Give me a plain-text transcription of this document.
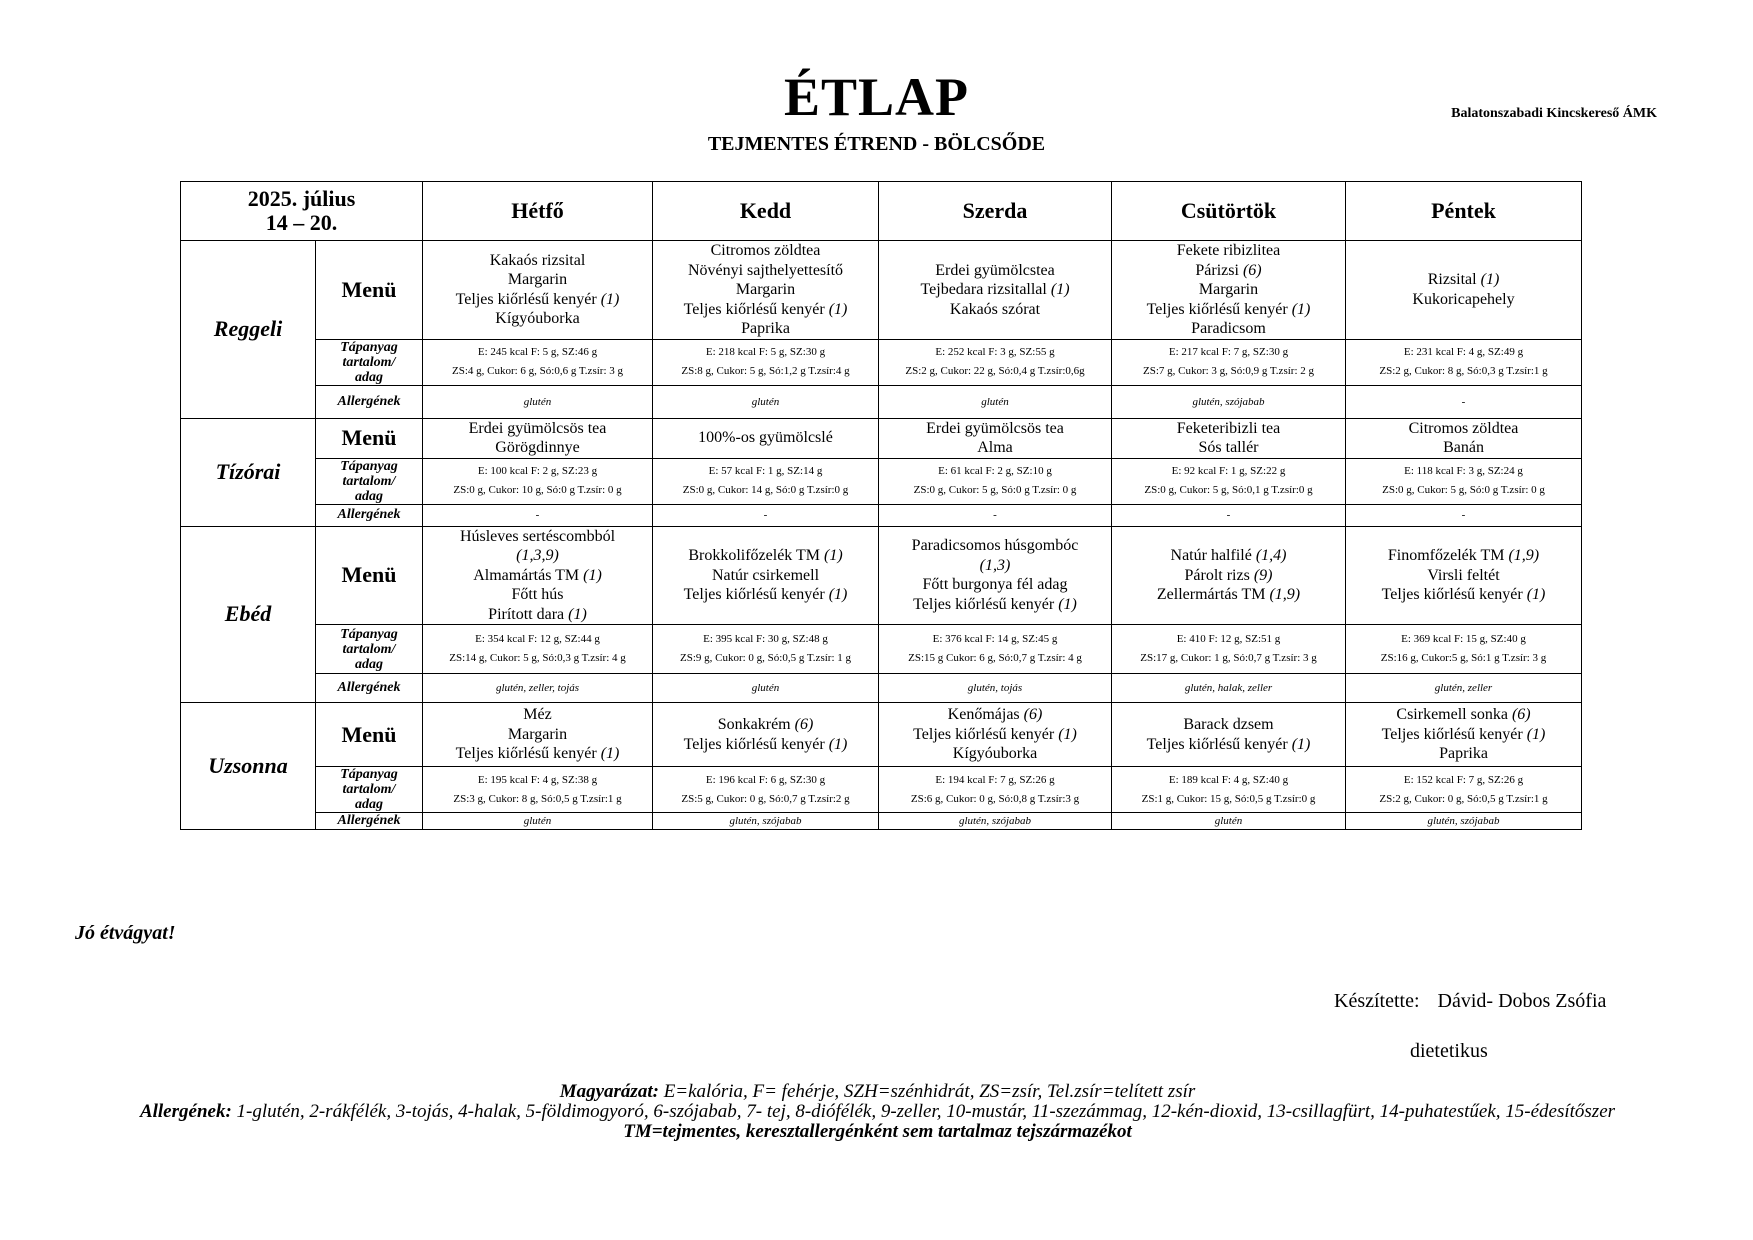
ÉTLAP
TEJMENTES ÉTREND - BÖLCSŐDE
Balatonszabadi Kincskereső ÁMK
2025. július
14 – 20.		Hétfő	Kedd	Szerda	Csütörtök	Péntek
Reggeli	Menü	Kakaós rizsital
Margarin
Teljes kiőrlésű kenyér (1)
Kígyóuborka	Citromos zöldtea
Növényi sajthelyettesítő
Margarin
Teljes kiőrlésű kenyér (1)
Paprika	Erdei gyümölcstea
Tejbedara rizsitallal (1)
Kakaós szórat	Fekete ribizlitea
Párizsi (6)
Margarin
Teljes kiőrlésű kenyér (1)
Paradicsom	Rizsital (1)
Kukoricapehely

	Tápanyag
tartalom/
adag	E: 245 kcal F: 5 g, SZ:46 g
ZS:4 g, Cukor: 6 g, Só:0,6 g T.zsír: 3 g	E: 218 kcal F: 5 g, SZ:30 g
ZS:8 g, Cukor: 5 g, Só:1,2 g T.zsír:4 g	E: 252 kcal F: 3 g, SZ:55 g
ZS:2 g, Cukor: 22 g, Só:0,4 g T.zsír:0,6g	E: 217 kcal F: 7 g, SZ:30 g
ZS:7 g, Cukor: 3 g, Só:0,9 g T.zsír: 2 g	E: 231 kcal F: 4 g, SZ:49 g
ZS:2 g, Cukor: 8 g, Só:0,3 g T.zsír:1 g

	Allergének	glutén	glutén	glutén	glutén, szójabab	-
Tízórai	Menü	Erdei gyümölcsös tea
Görögdinnye	100%-os gyümölcslé	Erdei gyümölcsös tea
Alma	Feketeribizli tea
Sós tallér	Citromos zöldtea
Banán

	Tápanyag
tartalom/
adag	E: 100 kcal F: 2 g, SZ:23 g
ZS:0 g, Cukor: 10 g, Só:0 g T.zsír: 0 g	E: 57 kcal F: 1 g, SZ:14 g
ZS:0 g, Cukor: 14 g, Só:0 g T.zsír:0 g	E: 61 kcal F: 2 g, SZ:10 g
ZS:0 g, Cukor: 5 g, Só:0 g T.zsír: 0 g	E: 92 kcal F: 1 g, SZ:22 g
ZS:0 g, Cukor: 5 g, Só:0,1 g T.zsír:0 g	E: 118 kcal F: 3 g, SZ:24 g
ZS:0 g, Cukor: 5 g, Só:0 g T.zsír: 0 g

	Allergének	-	-	-	-	-
Ebéd	Menü	Húsleves sertéscombból
(1,3,9)
Almamártás TM (1)
Főtt hús
Pirított dara (1)	Brokkolifőzelék TM (1)
Natúr csirkemell
Teljes kiőrlésű kenyér (1)	Paradicsomos húsgombóc
(1,3)
Főtt burgonya fél adag
Teljes kiőrlésű kenyér (1)	Natúr halfilé (1,4)
Párolt rizs (9)
Zellermártás TM (1,9)	Finomfőzelék TM (1,9)
Virsli feltét
Teljes kiőrlésű kenyér (1)

	Tápanyag
tartalom/
adag	E: 354 kcal F: 12 g, SZ:44 g
ZS:14 g, Cukor: 5 g, Só:0,3 g T.zsír: 4 g	E: 395 kcal F: 30 g, SZ:48 g
ZS:9 g, Cukor: 0 g, Só:0,5 g T.zsír: 1 g	E: 376 kcal F: 14 g, SZ:45 g
ZS:15 g Cukor: 6 g, Só:0,7 g T.zsír: 4 g	E: 410 F: 12 g, SZ:51 g
ZS:17 g, Cukor: 1 g, Só:0,7 g T.zsír: 3 g	E: 369 kcal F: 15 g, SZ:40 g
ZS:16 g, Cukor:5 g, Só:1 g T.zsír: 3 g

	Allergének	glutén, zeller, tojás	glutén	glutén, tojás	glutén, halak, zeller	glutén, zeller
Uzsonna	Menü	Méz
Margarin
Teljes kiőrlésű kenyér (1)	Sonkakrém (6)
Teljes kiőrlésű kenyér (1)	Kenőmájas (6)
Teljes kiőrlésű kenyér (1)
Kígyóuborka	Barack dzsem
Teljes kiőrlésű kenyér (1)	Csirkemell sonka (6)
Teljes kiőrlésű kenyér (1)
Paprika

	Tápanyag
tartalom/
adag	E: 195 kcal F: 4 g, SZ:38 g
ZS:3 g, Cukor: 8 g, Só:0,5 g T.zsír:1 g	E: 196 kcal F: 6 g, SZ:30 g
ZS:5 g, Cukor: 0 g, Só:0,7 g T.zsír:2 g	E: 194 kcal F: 7 g, SZ:26 g
ZS:6 g, Cukor: 0 g, Só:0,8 g T.zsír:3 g	E: 189 kcal F: 4 g, SZ:40 g
ZS:1 g, Cukor: 15 g, Só:0,5 g T.zsír:0 g	E: 152 kcal F: 7 g, SZ:26 g
ZS:2 g, Cukor: 0 g, Só:0,5 g T.zsír:1 g

	Allergének	glutén	glutén, szójabab	glutén, szójabab	glutén	glutén, szójabab
Jó étvágyat!
Készítette: Dávid- Dobos Zsófia
dietetikus
Magyarázat: E=kalória, F= fehérje, SZH=szénhidrát, ZS=zsír, Tel.zsír=telített zsír
Allergének: 1-glutén, 2-rákfélék, 3-tojás, 4-halak, 5-földimogyoró, 6-szójabab, 7- tej, 8-diófélék, 9-zeller, 10-mustár, 11-szezámmag, 12-kén-dioxid, 13-csillagfürt, 14-puhatestűek, 15-édesítőszer
TM=tejmentes, keresztallergénként sem tartalmaz tejszármazékot
